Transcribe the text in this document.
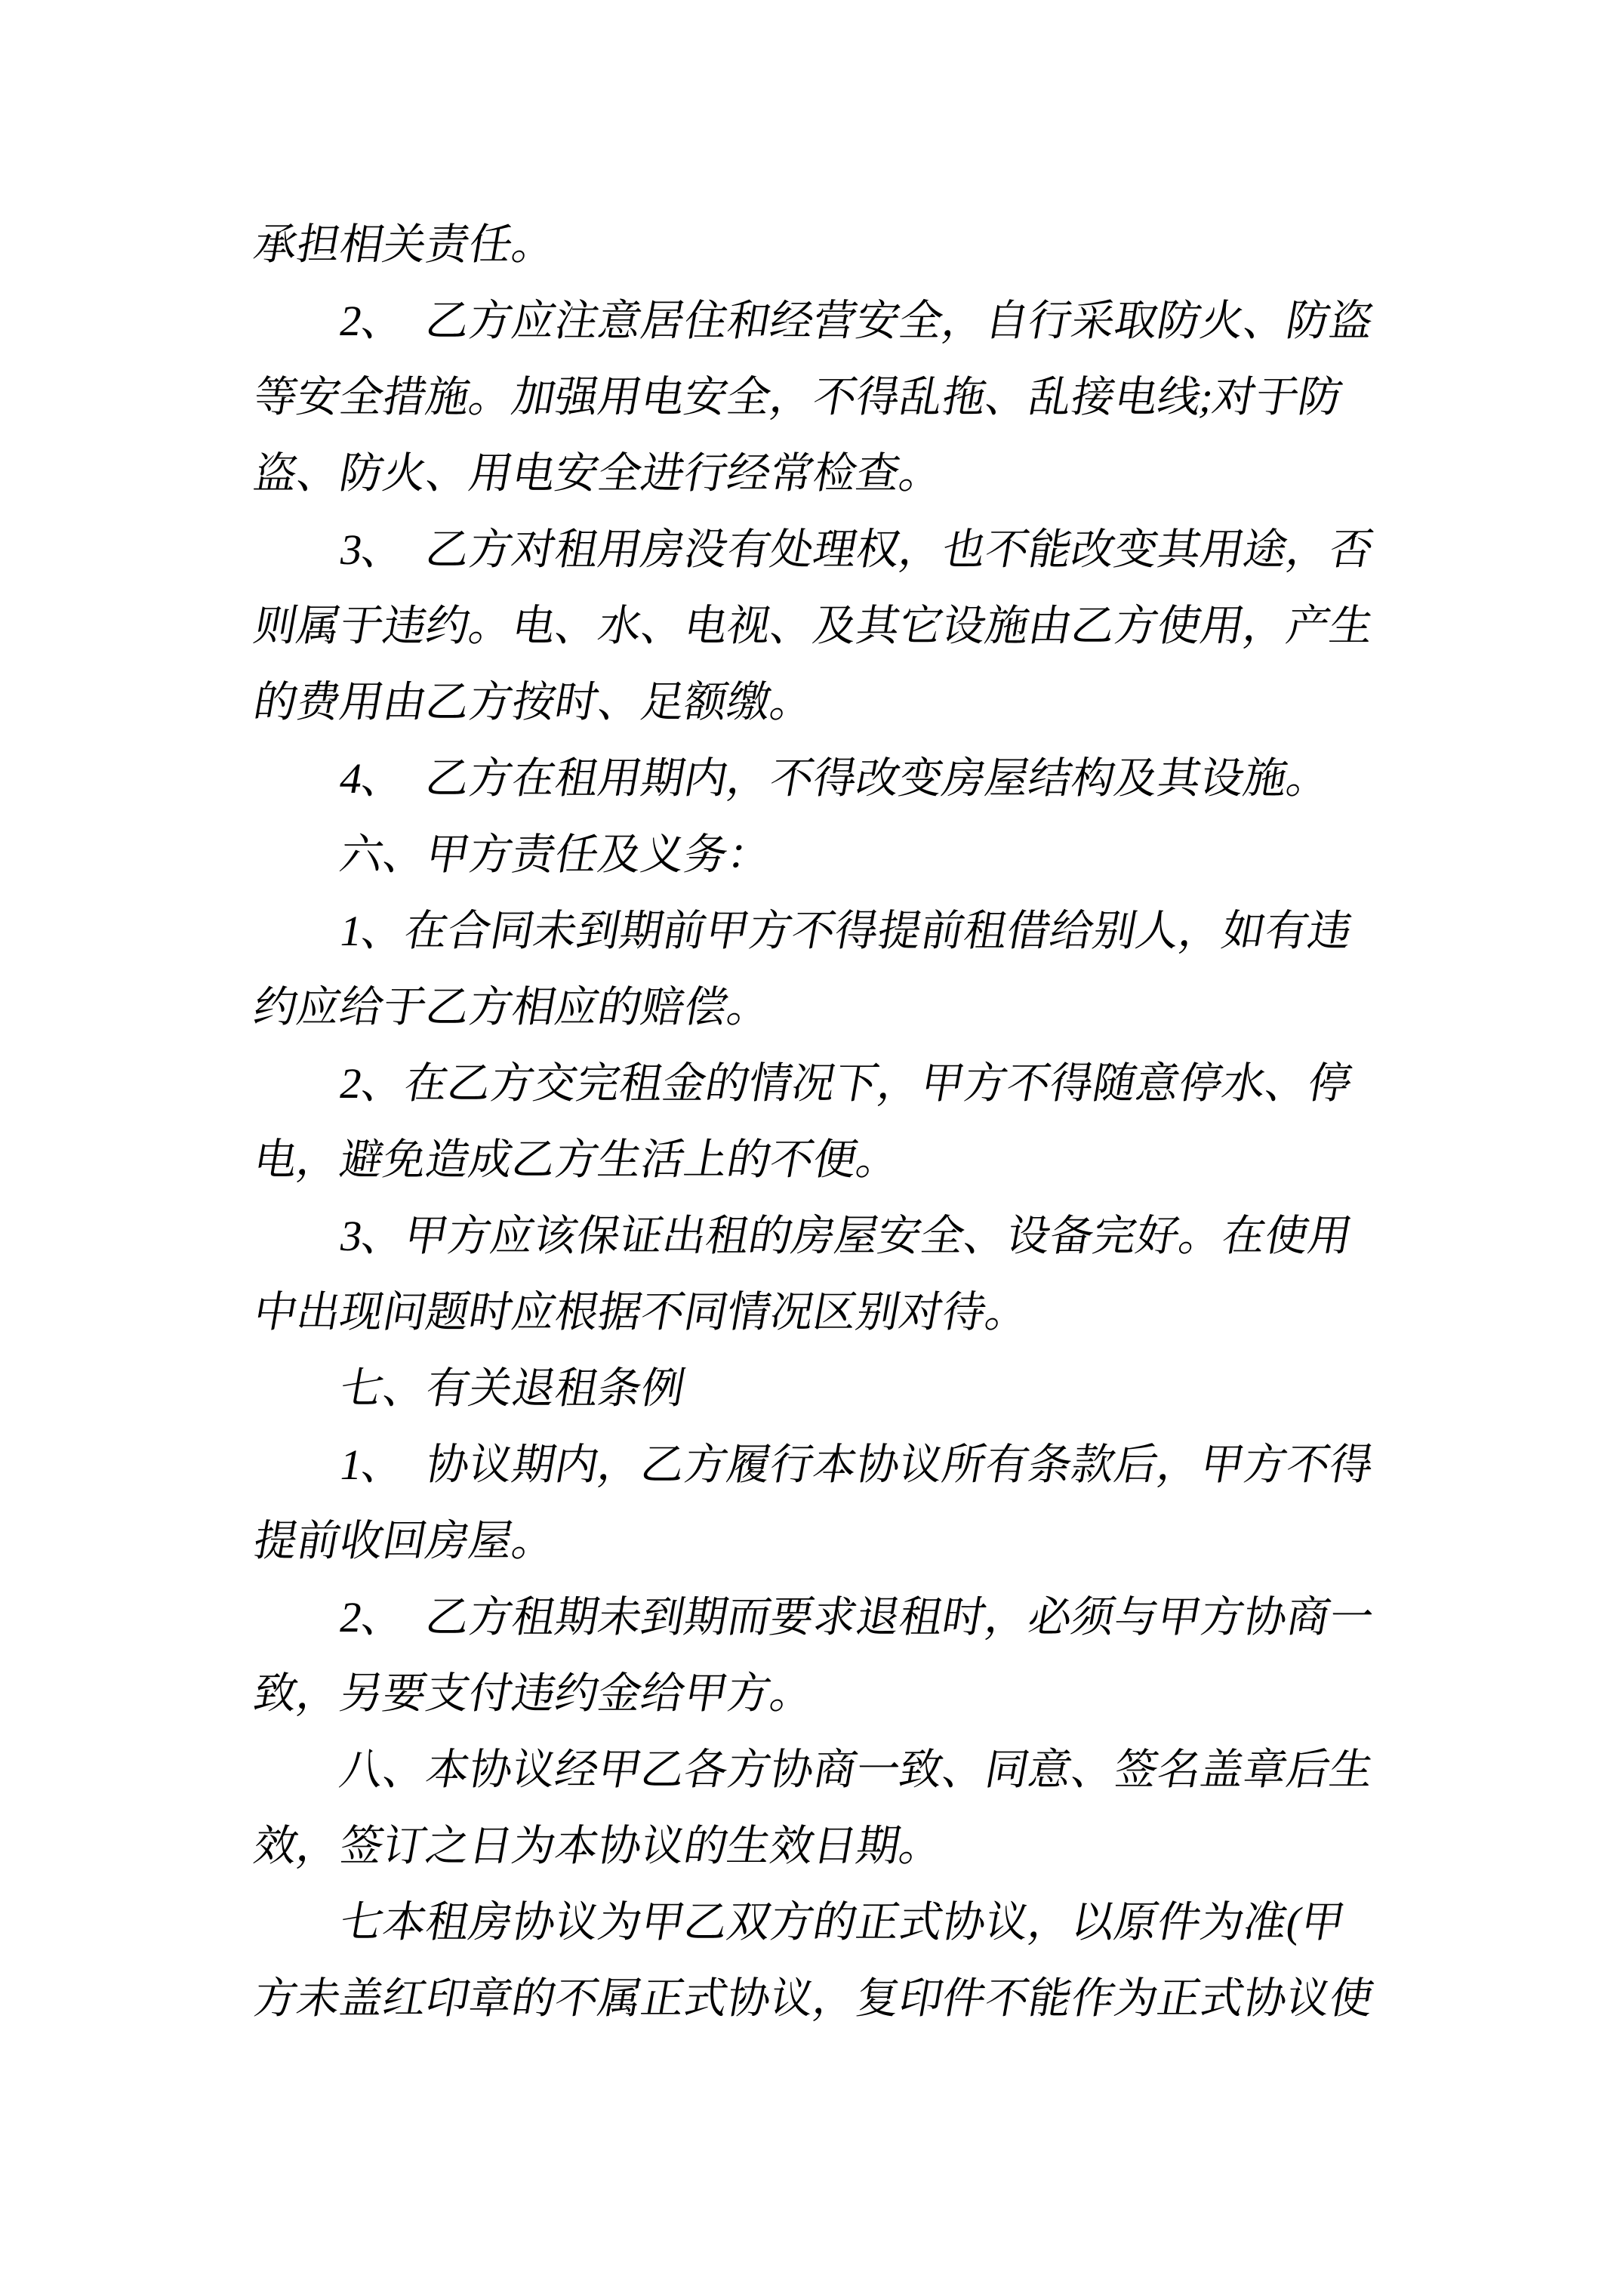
承担相关责任。
　　2、　乙方应注意居住和经营安全，自行采取防火、防盗
等安全措施。加强用电安全，不得乱拖、乱接电线;对于防
盗、防火、用电安全进行经常检查。
　　3、　乙方对租用房没有处理权，也不能改变其用途，否
则属于违约。电、水、电视、及其它设施由乙方使用，产生
的费用由乙方按时、足额缴。
　　4、　乙方在租用期内，不得改变房屋结构及其设施。
　　六、甲方责任及义务：
　　1、在合同未到期前甲方不得提前租借给别人，如有违
约应给于乙方相应的赔偿。
　　2、在乙方交完租金的情况下，甲方不得随意停水、停
电，避免造成乙方生活上的不便。
　　3、甲方应该保证出租的房屋安全、设备完好。在使用
中出现问题时应根据不同情况区别对待。
　　七、有关退租条例
　　1、　协议期内，乙方履行本协议所有条款后，甲方不得
提前收回房屋。
　　2、　乙方租期未到期而要求退租时，必须与甲方协商一
致，另要支付违约金给甲方。
　　八、本协议经甲乙各方协商一致、同意、签名盖章后生
效，签订之日为本协议的生效日期。
　　七本租房协议为甲乙双方的正式协议，以原件为准(甲
方未盖红印章的不属正式协议，复印件不能作为正式协议使
